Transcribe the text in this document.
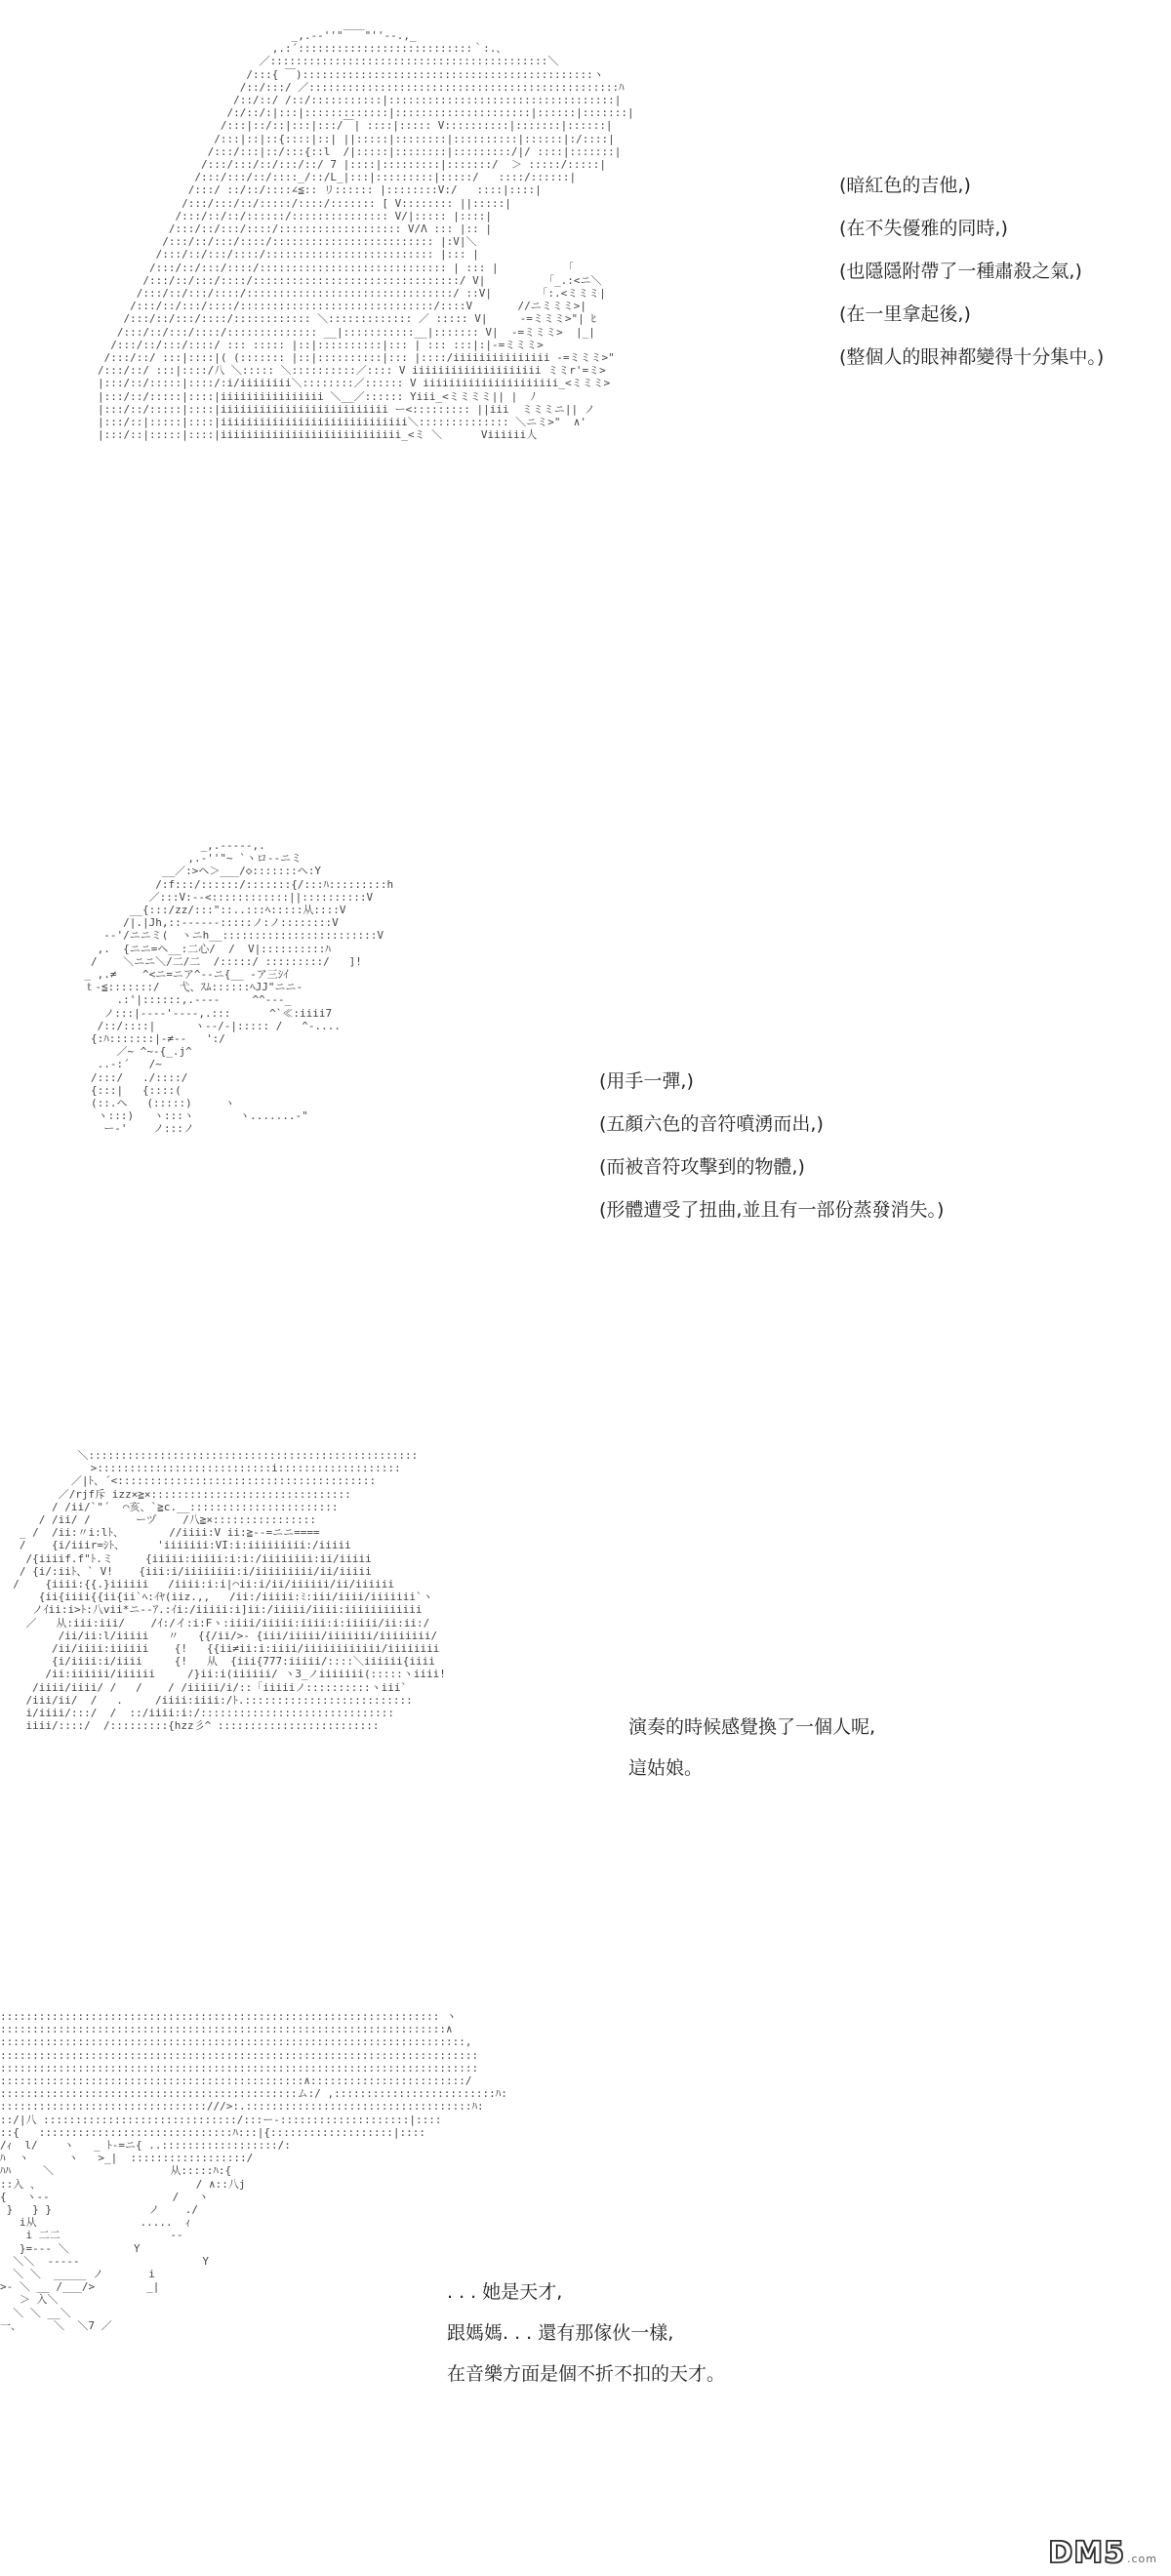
_,.-‐''"￣￣"''‐-.,_
,.:´:::::::::::::::::::::::::::｀:.、
／:::::::::::::::::::::::::::::::::::::::::::＼
/:::{ ￣):::::::::::::::::::::::::::::::::::::::::::::ヽ
/::/:::/ ／::::::::::::::::::::::::::::::::::::::::::::::::ﾊ
/::/::/ /::/:::::::::::|:::::::::::::::::::::::::::::::::::|
/:/::/:|:::|:::::::::::::|:::::::::::::::::::::|::::::|:::::::|
/:::|::/::|:::|:::/￣| ::::|::::: V::::::::::|:::::::|::::::|
/:::|::|::{::::|::| ||:::::|::::::::|::::::::::|::::::|:/::::|
/:::/:::|::/:::{::l  /|:::::|::::::::|:::::::::/|/ ::::|:::::::|
/:::/:::/::/:::/::/ 7 |::::|:::::::::|:::::::/  ＞ :::::/:::::|
/:::/:::/::/::::_/::/L_|:::|:::::::::|:::::/   ::::/::::::|
/:::/ ::/::/::::∠≦:: リ:::::: |::::::::V:/   ::::|::::|
/:::/:::/::/:::::/::::/::::::: [ V:::::::: ||:::::|
/:::/::/::/::::::/::::::::::::::: V/|::::: |::::|
/:::/::/:::/::::/::::::::::::::::::: V/Λ ::: |:: |
/:::/::/:::/::::/::::::::::::::::::::::::: |:V|＼
/:::/::/:::/::::/:::::::::::::::::::::::::: |::: |
/:::/::/:::/::::/::::::::::::::::::::::::::::: | ::: |          「
/:::/::/:::/::::/::::::::::::::::::::::::::::::::/ V|         「_.:<ニ＼
/:::/::/:::/::::/::::::::::::::::::::::::::::::::/ ::V|       「:.<ミミミ|
/:::/::/:::/::::/::::::::::::::::::::::::::::::/::::V       //ニミミミ>|
/:::/::/:::/::::/:::::::::::: ＼::::::::::::: ／ ::::: V|     -=ミミミ>"| ﾋ
/:::/::/:::/::::/:::::::::::::: __|:::::::::::__|::::::: V|  -=ミミミ>  |_|
/:::/::/:::/::::/ ::: ::::: |::|::::::::::|::: | ::: :::|:|-=ミミミ>
/:::/::/ :::|::::|( (::::::: |::|::::::::::|::: |::::/iiiiiiiiiiiiiii -=ミミミ>"
/:::/::/ :::|::::/八 ＼::::: ＼::::::::::／:::: V iiiiiiiiiiiiiiiiiiii ミミr'=ミ>
|:::/::/:::::|::::/:i/iiiiiiii＼::::::::／:::::: V iiiiiiiiiiiiiiiiiiiii_<ミミミ>
|:::/::/:::::|::::|iiiiiiiiiiiiiiii ＼__／:::::: Yiii_<ミミミミ|| |  ﾉ
|:::/::/:::::|::::|iiiiiiiiiiiiiiiiiiiiiiiiii ー<::::::::: ||iii  ミミミニ|| ノ
|:::/::|:::::|::::|iiiiiiiiiiiiiiiiiiiiiiiiiiiii＼:::::::::::::: ＼ニミ>"  ∧'
|:::/::|:::::|::::|iiiiiiiiiiiiiiiiiiiiiiiiiiii_<ミ ＼      Viiiiii人

(暗紅色的吉他,)
(在不失優雅的同時,)
(也隱隱附帶了一種肅殺之氣,)
(在一里拿起後,)
(整個人的眼神都變得十分集中。)
_,.-‐‐--,.
,.‐''"~ `ヽロ‐‐ニミ
__／:>ヘ＞___/◇:::::::ヘ:Y
/:f:::/::::::/:::::::{/:::ﾊ:::::::::h
／:::V:‐‐<::::::::::::||::::::::::V
__{:::/zz/:::"::..:::ﾍ:::::从::::V
/|.|Jh,::-‐‐‐‐-:::::ノ:ノ::::::::V
-‐'/ニニミ(  ヽニh__::::::::::::::::::::::::V
,.  {ニニ=ヘ__:二心/  /  V|::::::::::ﾊ
/    ＼ニニ＼/二/二  /:::::/ :::::::::/   ]!
_ ,.≠    ^<ニ=ニア^-‐ニ{__ -ア三ｼｲ
ｔ‐≦:::::::/   弋、ｽﾑ::::::ﾍJJ"ニニ-
.:'|::::::,.--‐‐     ^^‐‐-_
ノ:::|----'‐‐‐-,.:::      ^`≪:iiii7
/::/::::|      ヽ--/‐|::::: /   ^-....
{:ﾊ:::::::|‐≠-‐   ':/
／~ ^~-{_.j^
..-:´   /~
/:::/   ./::::/
{:::|   {::::(
(::.ヘ   (:::::)     ヽ
ヽ:::)   ヽ:::ヽ       ヽ.......‐"
ー‐'    ノ:::ノ

(用手一彈,)
(五顏六色的音符噴湧而出,)
(而被音符攻擊到的物體,)
(形體遭受了扭曲,並且有一部份蒸發消失。)
＼:::::::::::::::::::::::::::::::::::::::::::::::::::
>:::::::::::::::::::::::::::i:::::::::::::::::::
／|ﾄ、´<::::::::::::::::::::::::::::::::::::::::
／/rjf斥 izz×≧×:::::::::::::::::::::::::::::::
/ /ii/`"´  ⌒亥、`≧c.__:::::::::::::::::::::::
/ /ii/ /       ーヅ    /八≧×::::::::::::::::
_ /  /ii:〃i:lﾄ、       //iiii:V ii:≧--=ニニ====
/    {i/iiir=ｼﾄ、     'iiiiiii:VI:i:iiiiiiiii:/iiiii
/{iiiif.f"ﾄ.ミ     {iiiii:iiiii:i:i:/iiiiiiii:ii/iiiii
/ {i/:iiﾄ、` V!    {iii:i/iiiiiiii:i/iiiiiiiii/ii/iiiii
/    {iiii:{{.}iiiiii   /iiii:i:i|⌒ii:i/ii/iiiiii/ii/iiiiii
{ii{iiii{{ii{ii`ﾍ:ｲﾔ(iiz.,,   /ii:/iiiii:ﾐ:iii/iiii/iiiiiii`ヽ
ノｲii:i>ﾄ:八vii*ニ--ｱ.:ｲi:/iiiii:i]ii:/iiiii/iiii:iiiiiiiiiiii
／   从:iii:iii/    /ｲ:/イ:i:Fヽ:iiii/iiiii:iiii:i:iiiii/ii:ii:/
/ii/ii:l/iiiii   〃   {{/ii/>‐ {iii/iiiii/iiiiiii/iiiiiiii/
/ii/iiii:iiiiii    {!   {{ii≠ii:i:iiii/iiiiiiiiiiii/iiiiiiii
{i/iiii:i/iiii     {!   从  {iii{777:iiiii/::::＼iiiiii{iiii
/ii:iiiiii/iiiiii     /}ii:i(iiiiii/ ヽ3_ノiiiiiii(:::::ヽiiii!
/iiii/iiii/ /   /    / /iiiii/i/::「iiiiiノ::::::::::ヽiii`
/iii/ii/  /   .     /iiii:iiii:/ﾄ.::::::::::::::::::::::::::
i/iiii/:::/  /  ::/iiii:i:/::::::::::::::::::::::::::::::
iiii/::::/  /:::::::::{hzz彡^ :::::::::::::::::::::::::	演奏的時候感覺換了一個人呢,
這姑娘。
:::::::::::::::::::::::::::::::::::::::::::::::::::::::::::::::::::: ヽ
:::::::::::::::::::::::::::::::::::::::::::::::::::::::::::::::::::::∧
::::::::::::::::::::::::::::::::::::::::::::::::::::::::::::::::::::::::,
::::::::::::::::::::::::::::::::::::::::::::::::::::::::::::::::::::::::::
::::::::::::::::::::::::::::::::::::::::::::::::::::::::::::::::::::::::::
:::::::::::::::::::::::::::::::::::::::::::::::∧::::::::::::::::::::::::/
::::::::::::::::::::::::::::::::::::::::::::::ム:/ ,:::::::::::::::::::::::::ﾊ:
::::::::::::::::::::::::::::::::///>:.:::::::::::::::::::::::::::::::::::ﾊ:
::/|八 ::::::::::::::::::::::::::::::/:::ー‐::::::::::::::::::::|::::
::{   ::::::::::::::::::::::::::::::ﾊ:::|{:::::::::::::::::::|::::
/ｨ  l/    ヽ   _ ﾄ-=ニ{ ..::::::::::::::::::/:
ﾊ  ヽ      ヽ   >_|  ::::::::::::::::::/
ﾊﾊ     ＼                  从:::::ﾊ:{
::入 、                        / ∧::八j
{   ヽ-‐                   /   ヽ
}   } }               ノ    ./
i从                .....  ｨ
i 二二                 ‐‐
}=‐‐‐ ＼          Y
＼＼  ‐‐‐‐‐                   Y
＼ ＼  _____ ノ       i
>- ＼ __ /___/>        _|
＞ 入＼
＼ ＼ __＼
一、     ＼  ＼7 ／

. . . 她是天才,
跟媽媽. . . 還有那傢伙一樣,
在音樂方面是個不折不扣的天才。
DM5 .com
